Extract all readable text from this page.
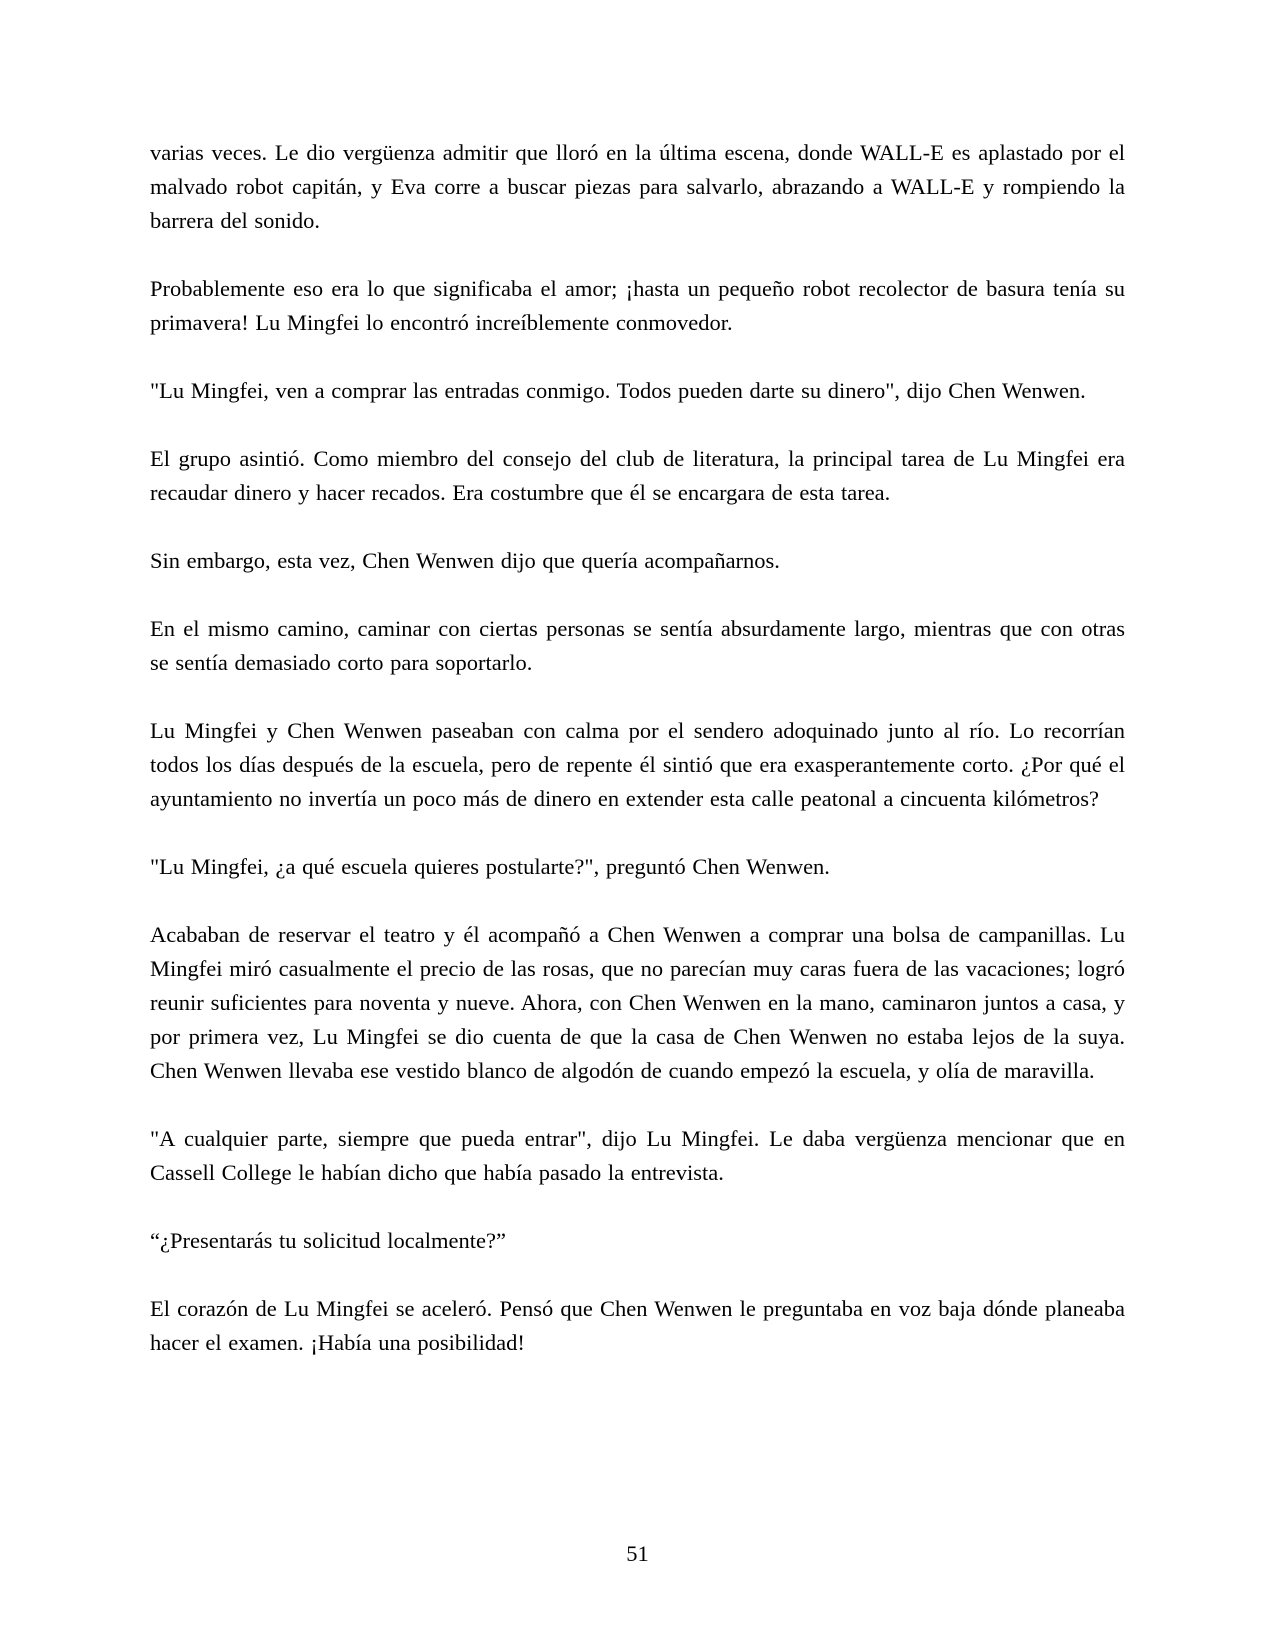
varias veces. Le dio vergüenza admitir que lloró en la última escena, donde WALL-E es aplastado por el malvado robot capitán, y Eva corre a buscar piezas para salvarlo, abrazando a WALL-E y rompiendo la barrera del sonido.

Probablemente eso era lo que significaba el amor; ¡hasta un pequeño robot recolector de basura tenía su primavera! Lu Mingfei lo encontró increíblemente conmovedor.

"Lu Mingfei, ven a comprar las entradas conmigo. Todos pueden darte su dinero", dijo Chen Wenwen.

El grupo asintió. Como miembro del consejo del club de literatura, la principal tarea de Lu Mingfei era recaudar dinero y hacer recados. Era costumbre que él se encargara de esta tarea.

Sin embargo, esta vez, Chen Wenwen dijo que quería acompañarnos.

En el mismo camino, caminar con ciertas personas se sentía absurdamente largo, mientras que con otras se sentía demasiado corto para soportarlo.

Lu Mingfei y Chen Wenwen paseaban con calma por el sendero adoquinado junto al río. Lo recorrían todos los días después de la escuela, pero de repente él sintió que era exasperantemente corto. ¿Por qué el ayuntamiento no invertía un poco más de dinero en extender esta calle peatonal a cincuenta kilómetros?

"Lu Mingfei, ¿a qué escuela quieres postularte?", preguntó Chen Wenwen.

Acababan de reservar el teatro y él acompañó a Chen Wenwen a comprar una bolsa de campanillas. Lu Mingfei miró casualmente el precio de las rosas, que no parecían muy caras fuera de las vacaciones; logró reunir suficientes para noventa y nueve. Ahora, con Chen Wenwen en la mano, caminaron juntos a casa, y por primera vez, Lu Mingfei se dio cuenta de que la casa de Chen Wenwen no estaba lejos de la suya. Chen Wenwen llevaba ese vestido blanco de algodón de cuando empezó la escuela, y olía de maravilla.

"A cualquier parte, siempre que pueda entrar", dijo Lu Mingfei. Le daba vergüenza mencionar que en Cassell College le habían dicho que había pasado la entrevista.

“¿Presentarás tu solicitud localmente?”

El corazón de Lu Mingfei se aceleró. Pensó que Chen Wenwen le preguntaba en voz baja dónde planeaba hacer el examen. ¡Había una posibilidad!

51
